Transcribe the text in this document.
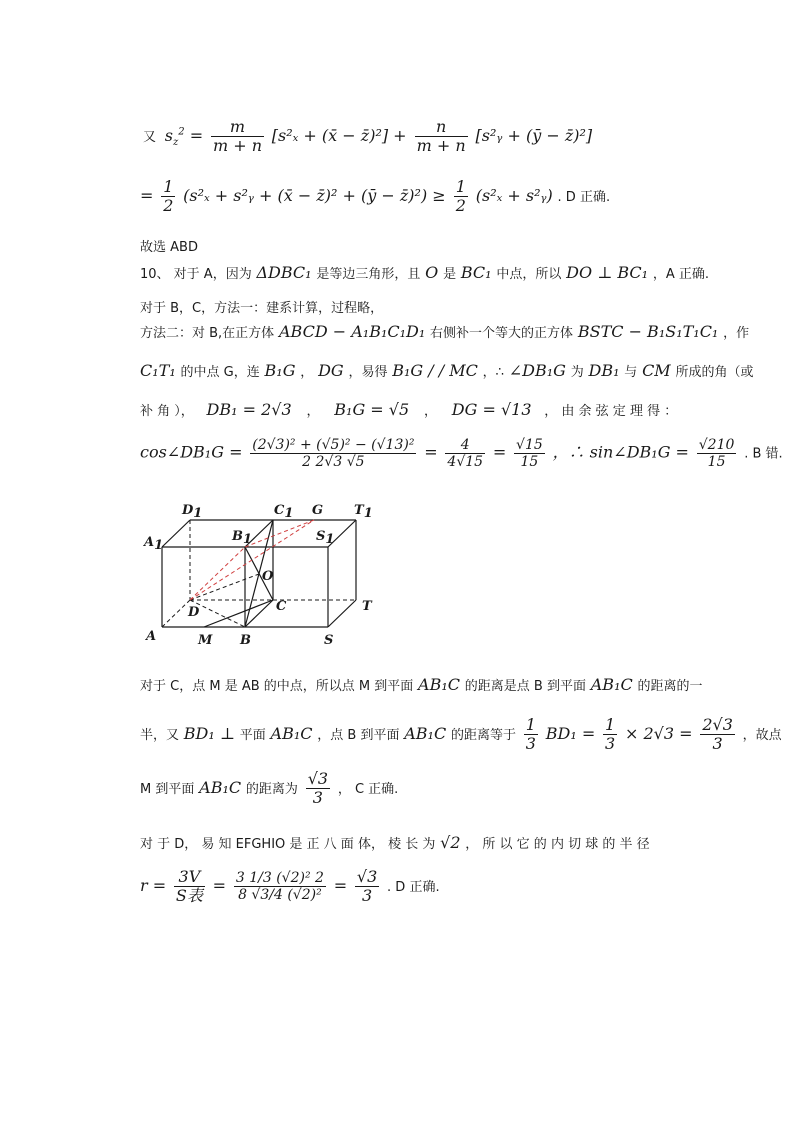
又 $s_z^2 = \frac{m}{m + n} [s^2_x$ + (x̄ − z̄)²] + $\frac{n}{m + n}$ [s²ᵧ + (ȳ − z̄)²]
= $\frac{1}{2} (s^2_x$ + s²ᵧ + (x̄ − z̄)² + (ȳ − z̄)²) ≥ $\frac{1}{2} (s^2_x$ + s²ᵧ) . D 正确.
故选 ABD
10、 对于 A，因为 ΔDBC₁ 是等边三角形，且 O 是 BC₁ 中点，所以 DO ⊥ BC₁ ，A 正确.
对于 B，C，方法一：建系计算，过程略，
方法二：对 B,在正方体 ABCD − A₁B₁C₁D₁ 右侧补一个等大的正方体 BSTC − B₁S₁T₁C₁ ，作
C₁T₁ 的中点 G，连 B₁G ， DG ，易得 B₁G / / MC ，∴ ∠DB₁G 为 DB₁ 与 CM 所成的角（或
补 角 ）， DB₁ = 2√3 ， B₁G = √5 ， DG = √13 ， 由 余 弦 定 理 得 ：
cos∠DB₁G = $\frac{\text{(2√3)² + (√5)² − (√13)²}}{2 2√3 √5} = \frac{4}{4√15} = \frac{√15}{15}$ ，∴ sin∠DB₁G = $\frac{√210}{15}$ . B 错.
D1	C1 G T1
A1
B1	S1
O
D	C	T
A	M B	S
对于 C，点 M 是 AB 的中点，所以点 M 到平面 AB₁C 的距离是点 B 到平面 AB₁C 的距离的一
半，又 BD₁ ⊥ 平面 AB₁C ，点 B 到平面 AB₁C 的距离等于 $\frac{1}{3} BD_1 = \frac{1}{3} \times 2√3 = \frac{2√3}{3}$ ，故点
M 到平面 AB₁C 的距离为 $\frac{√3}{3}$ ， C 正确.
对 于 D， 易 知 EFGHIO 是 正 八 面 体， 棱 长 为 √2 ， 所 以 它 的 内 切 球 的 半 径
$r = \frac{3V}{\text{S表}} = \frac{\text{3 1/3 (√2)² 2}}{\text{8 √3/4 (√2)²}} = \frac{√3}{3}$ . D 正确.
